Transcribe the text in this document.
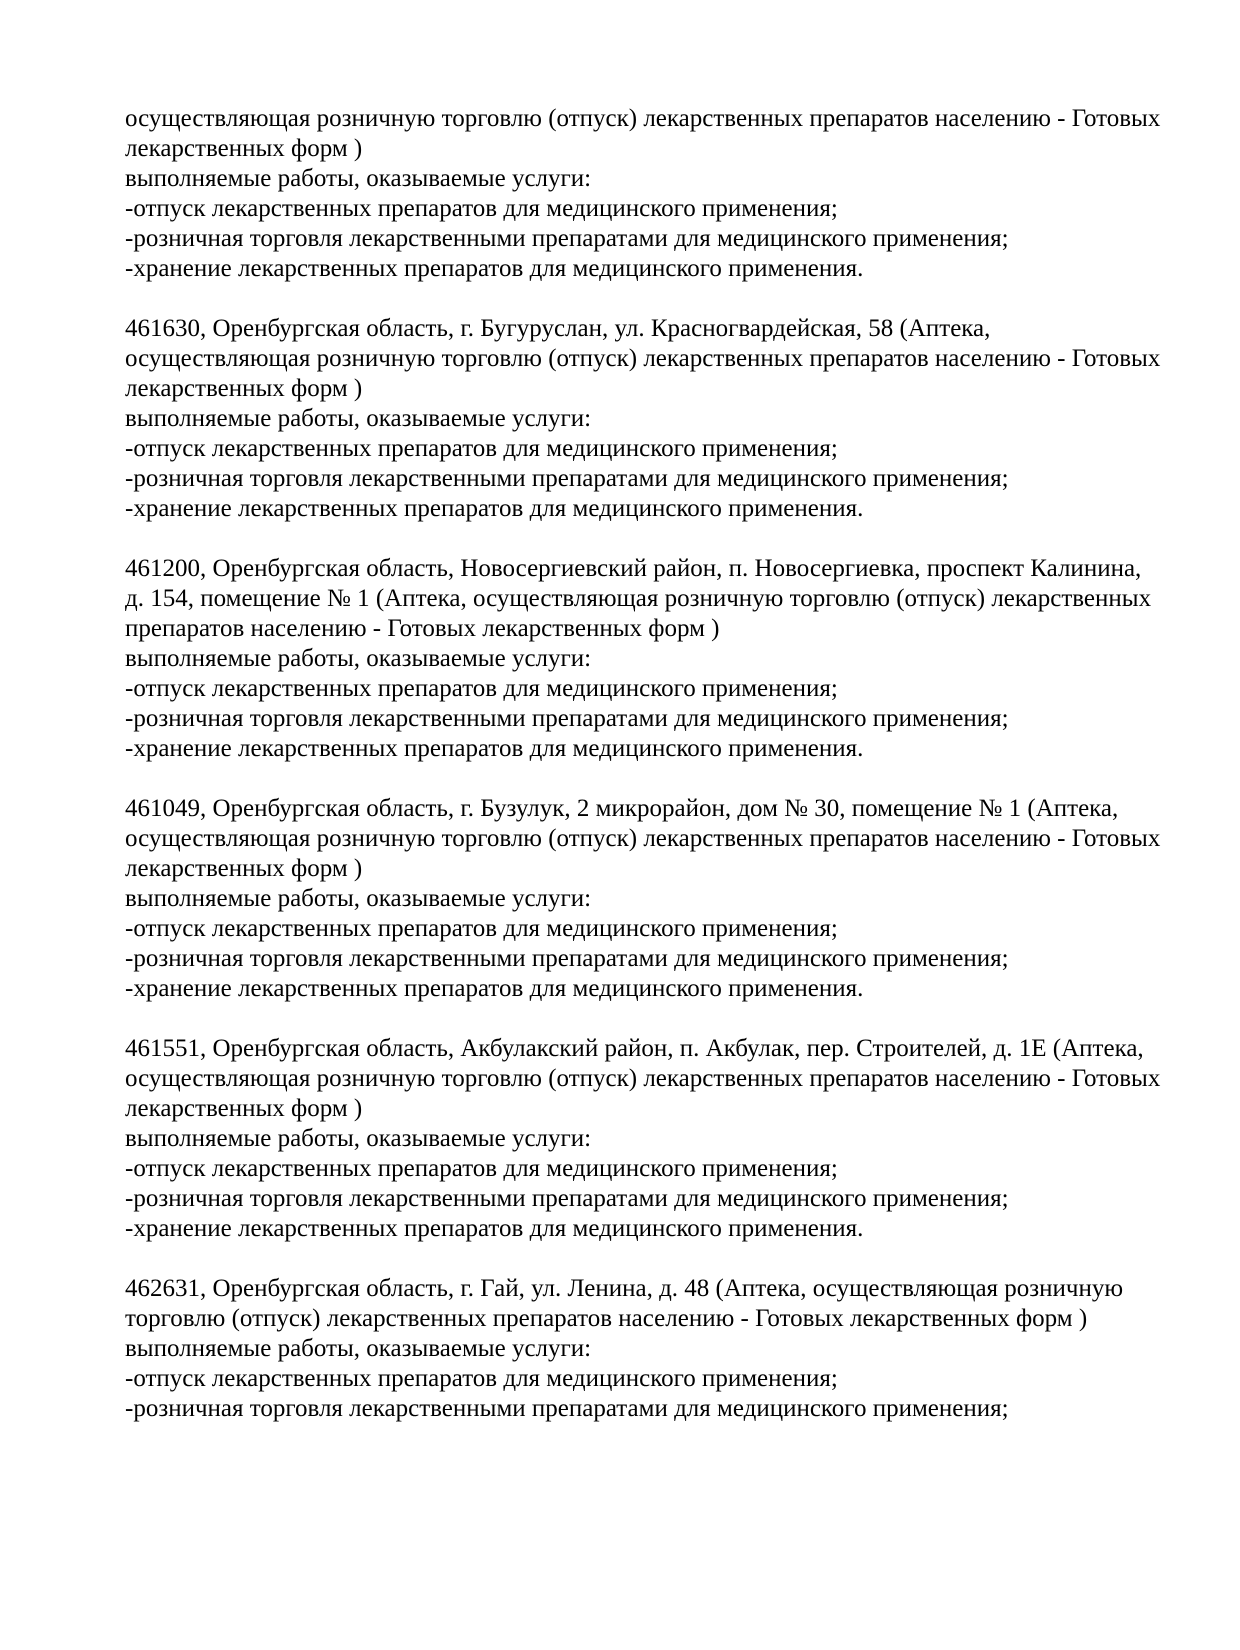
осуществляющая розничную торговлю (отпуск) лекарственных препаратов населению - Готовых
лекарственных форм )
выполняемые работы, оказываемые услуги:
-отпуск лекарственных препаратов для медицинского применения;
-розничная торговля лекарственными препаратами для медицинского применения;
-хранение лекарственных препаратов для медицинского применения.
461630, Оренбургская область, г. Бугуруслан, ул. Красногвардейская, 58 (Аптека,
осуществляющая розничную торговлю (отпуск) лекарственных препаратов населению - Готовых
лекарственных форм )
выполняемые работы, оказываемые услуги:
-отпуск лекарственных препаратов для медицинского применения;
-розничная торговля лекарственными препаратами для медицинского применения;
-хранение лекарственных препаратов для медицинского применения.
461200, Оренбургская область, Новосергиевский район, п. Новосергиевка, проспект Калинина,
д. 154, помещение № 1 (Аптека, осуществляющая розничную торговлю (отпуск) лекарственных
препаратов населению - Готовых лекарственных форм )
выполняемые работы, оказываемые услуги:
-отпуск лекарственных препаратов для медицинского применения;
-розничная торговля лекарственными препаратами для медицинского применения;
-хранение лекарственных препаратов для медицинского применения.
461049, Оренбургская область, г. Бузулук, 2 микрорайон, дом № 30, помещение № 1 (Аптека,
осуществляющая розничную торговлю (отпуск) лекарственных препаратов населению - Готовых
лекарственных форм )
выполняемые работы, оказываемые услуги:
-отпуск лекарственных препаратов для медицинского применения;
-розничная торговля лекарственными препаратами для медицинского применения;
-хранение лекарственных препаратов для медицинского применения.
461551, Оренбургская область, Акбулакский район, п. Акбулак, пер. Строителей, д. 1Е (Аптека,
осуществляющая розничную торговлю (отпуск) лекарственных препаратов населению - Готовых
лекарственных форм )
выполняемые работы, оказываемые услуги:
-отпуск лекарственных препаратов для медицинского применения;
-розничная торговля лекарственными препаратами для медицинского применения;
-хранение лекарственных препаратов для медицинского применения.
462631, Оренбургская область, г. Гай, ул. Ленина, д. 48 (Аптека, осуществляющая розничную
торговлю (отпуск) лекарственных препаратов населению - Готовых лекарственных форм )
выполняемые работы, оказываемые услуги:
-отпуск лекарственных препаратов для медицинского применения;
-розничная торговля лекарственными препаратами для медицинского применения;
